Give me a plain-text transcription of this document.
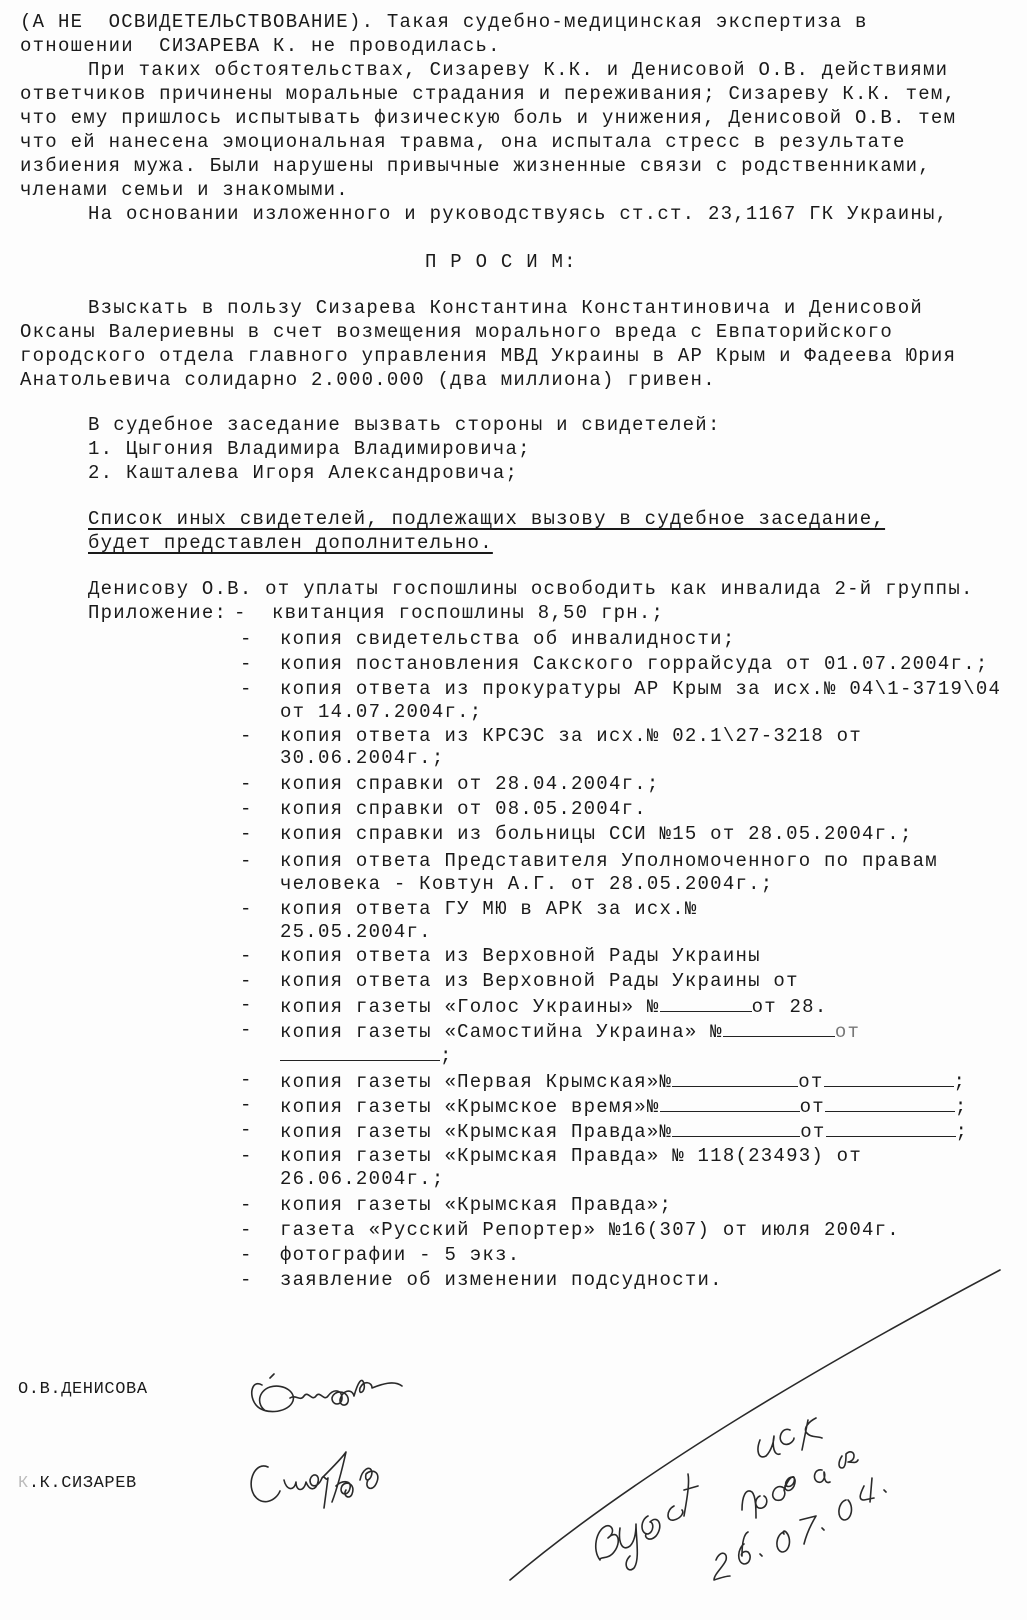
(А НЕ  ОСВИДЕТЕЛЬСТВОВАНИЕ). Такая судебно-медицинская экспертиза в
отношении  СИЗАРЕВА К. не проводилась.
При таких обстоятельствах, Сизареву К.К. и Денисовой О.В. действиями
ответчиков причинены моральные страдания и переживания; Сизареву К.К. тем,
что ему пришлось испытывать физическую боль и унижения, Денисовой О.В. тем
что ей нанесена эмоциональная травма, она испытала стресс в результате
избиения мужа. Были нарушены привычные жизненные связи с родственниками,
членами семьи и знакомыми.
На основании изложенного и руководствуясь ст.ст. 23,1167 ГК Украины,
П Р О С И М:
Взыскать в пользу Сизарева Константина Константиновича и Денисовой
Оксаны Валериевны в счет возмещения морального вреда с Евпаторийского
городского отдела главного управления МВД Украины в АР Крым и Фадеева Юрия
Анатольевича солидарно 2.000.000 (два миллиона) гривен.
В судебное заседание вызвать стороны и свидетелей:
1. Цыгония Владимира Владимировича;
2. Кашталева Игоря Александровича;
Список иных свидетелей, подлежащих вызову в судебное заседание,
будет представлен дополнительно.
Денисову О.В. от уплаты госпошлины освободить как инвалида 2-й группы.
Приложение: - квитанция госпошлины 8,50 грн.;
- копия свидетельства об инвалидности;
- копия постановления Сакского горрайсуда от 01.07.2004г.;
- копия ответа из прокуратуры АР Крым за исх.№ 04\1-3719\04
от 14.07.2004г.;
- копия ответа из КРСЭС за исх.№ 02.1\27-3218 от
30.06.2004г.;
- копия справки от 28.04.2004г.;
- копия справки от 08.05.2004г.
- копия справки из больницы ССИ №15 от 28.05.2004г.;
- копия ответа Представителя Уполномоченного по правам
человека - Ковтун А.Г. от 28.05.2004г.;
- копия ответа ГУ МЮ в АРК за исх.№
25.05.2004г.
- копия ответа из Верховной Рады Украины
- копия ответа из Верховной Рады Украины от
- копия газеты «Голос Украины» №	от 28.
- копия газеты «Самостийна Украина» №	от
;
- копия газеты «Первая Крымская»№	от	;
- копия газеты «Крымское время»№	от	;
- копия газеты «Крымская Правда»№	от	;
- копия газеты «Крымская Правда» № 118(23493) от
26.06.2004г.;
- копия газеты «Крымская Правда»;
- газета «Русский Репортер» №16(307) от июля 2004г.
- фотографии - 5 экз.
- заявление об изменении подсудности.
О.В.ДЕНИСОВА
К.К.СИЗАРЕВ
